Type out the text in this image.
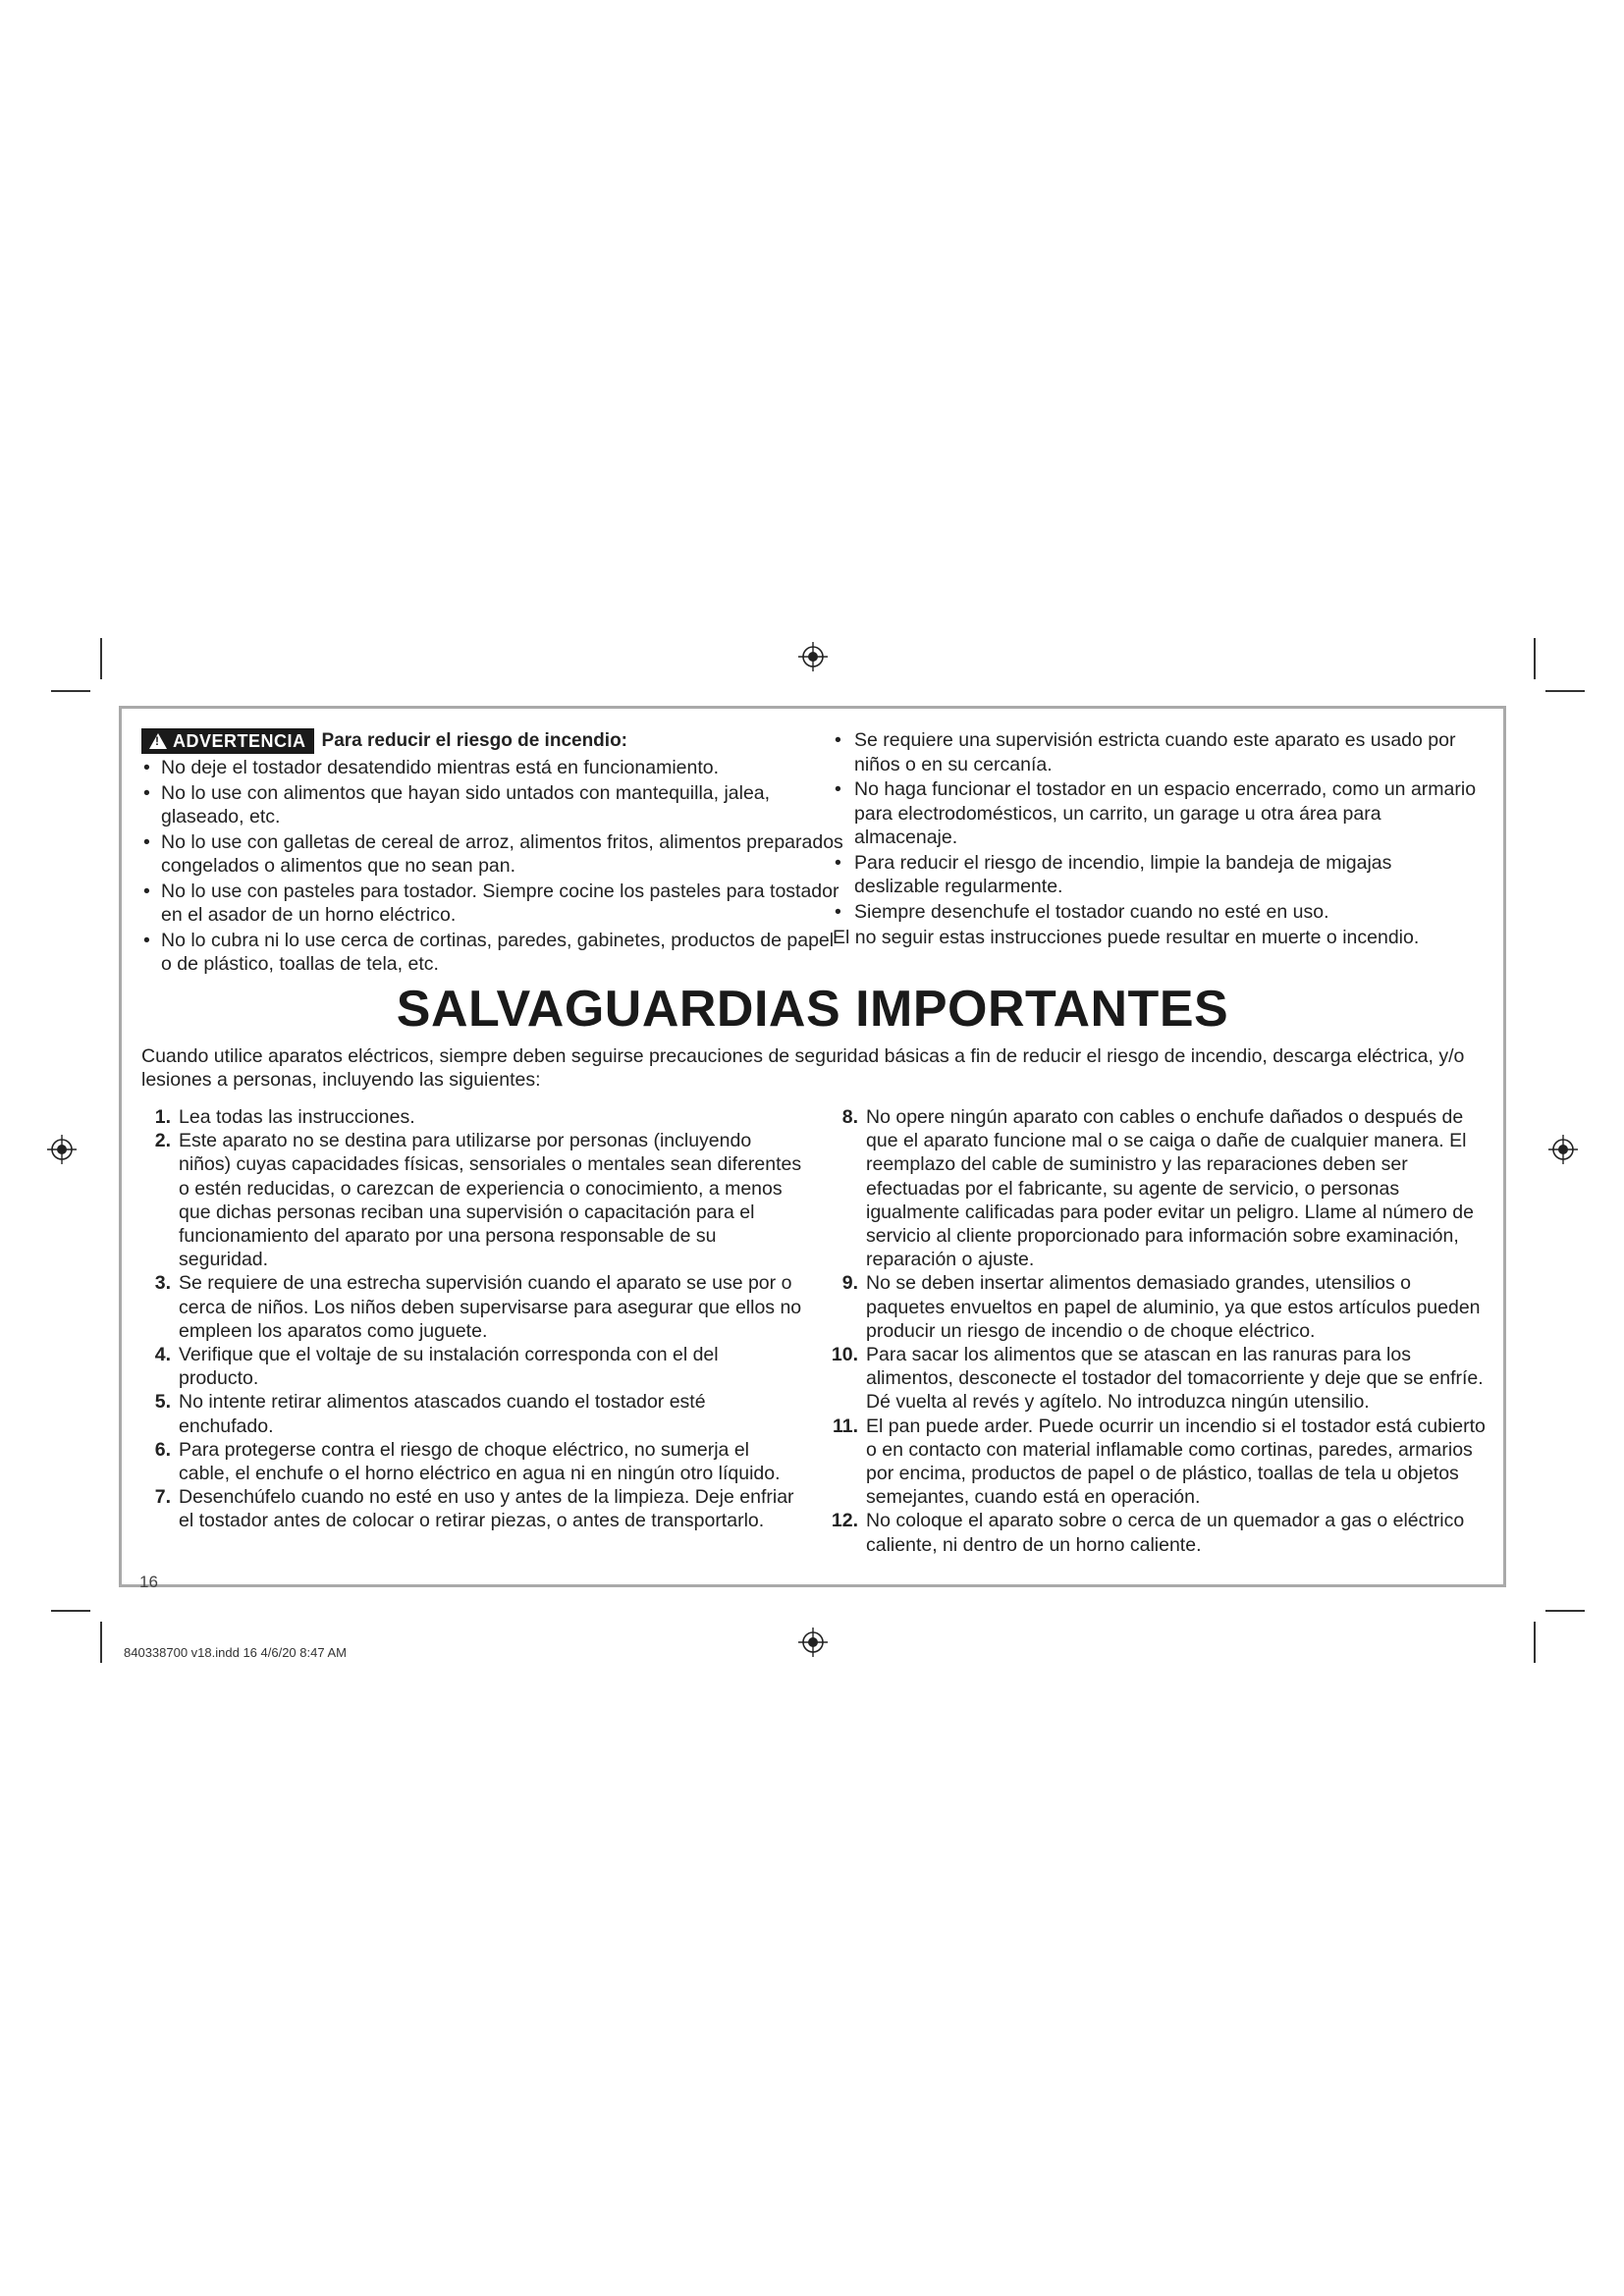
!
ADVERTENCIA Para reducir el riesgo de incendio:
• No deje el tostador desatendido mientras está en funcionamiento.
• No lo use con alimentos que hayan sido untados con mantequilla, jalea, glaseado, etc.
• No lo use con galletas de cereal de arroz, alimentos fritos, alimentos preparados congelados o alimentos que no sean pan.
• No lo use con pasteles para tostador. Siempre cocine los pasteles para tostador en el asador de un horno eléctrico.
• No lo cubra ni lo use cerca de cortinas, paredes, gabinetes, productos de papel o de plástico, toallas de tela, etc.
• Se requiere una supervisión estricta cuando este aparato es usado por niños o en su cercanía.
• No haga funcionar el tostador en un espacio encerrado, como un armario para electrodomésticos, un carrito, un garage u otra área para almacenaje.
• Para reducir el riesgo de incendio, limpie la bandeja de migajas deslizable regularmente.
• Siempre desenchufe el tostador cuando no esté en uso.
El no seguir estas instrucciones puede resultar en muerte o incendio.
SALVAGUARDIAS IMPORTANTES
Cuando utilice aparatos eléctricos, siempre deben seguirse precauciones de seguridad básicas a fin de reducir el riesgo de incendio, descarga eléctrica, y/o lesiones a personas, incluyendo las siguientes:
1. Lea todas las instrucciones.
2. Este aparato no se destina para utilizarse por personas (incluyendo niños) cuyas capacidades físicas, sensoriales o mentales sean diferentes o estén reducidas, o carezcan de experiencia o conocimiento, a menos que dichas personas reciban una supervisión o capacitación para el funcionamiento del aparato por una persona responsable de su seguridad.
3. Se requiere de una estrecha supervisión cuando el aparato se use por o cerca de niños. Los niños deben supervisarse para asegurar que ellos no empleen los aparatos como juguete.
4. Verifique que el voltaje de su instalación corresponda con el del producto.
5. No intente retirar alimentos atascados cuando el tostador esté enchufado.
6. Para protegerse contra el riesgo de choque eléctrico, no sumerja el cable, el enchufe o el horno eléctrico en agua ni en ningún otro líquido.
7. Desenchúfelo cuando no esté en uso y antes de la limpieza. Deje enfriar el tostador antes de colocar o retirar piezas, o antes de transportarlo.
8. No opere ningún aparato con cables o enchufe dañados o después de que el aparato funcione mal o se caiga o dañe de cualquier manera. El reemplazo del cable de suministro y las reparaciones deben ser efectuadas por el fabricante, su agente de servicio, o personas igualmente calificadas para poder evitar un peligro. Llame al número de servicio al cliente proporcionado para información sobre examinación, reparación o ajuste.
9. No se deben insertar alimentos demasiado grandes, utensilios o paquetes envueltos en papel de aluminio, ya que estos artículos pueden producir un riesgo de incendio o de choque eléctrico.
10. Para sacar los alimentos que se atascan en las ranuras para los alimentos, desconecte el tostador del tomacorriente y deje que se enfríe. Dé vuelta al revés y agítelo. No introduzca ningún utensilio.
11. El pan puede arder. Puede ocurrir un incendio si el tostador está cubierto o en contacto con material inflamable como cortinas, paredes, armarios por encima, productos de papel o de plástico, toallas de tela u objetos semejantes, cuando está en operación.
12. No coloque el aparato sobre o cerca de un quemador a gas o eléctrico caliente, ni dentro de un horno caliente.
16
840338700 v18.indd 16 4/6/20 8:47 AM
